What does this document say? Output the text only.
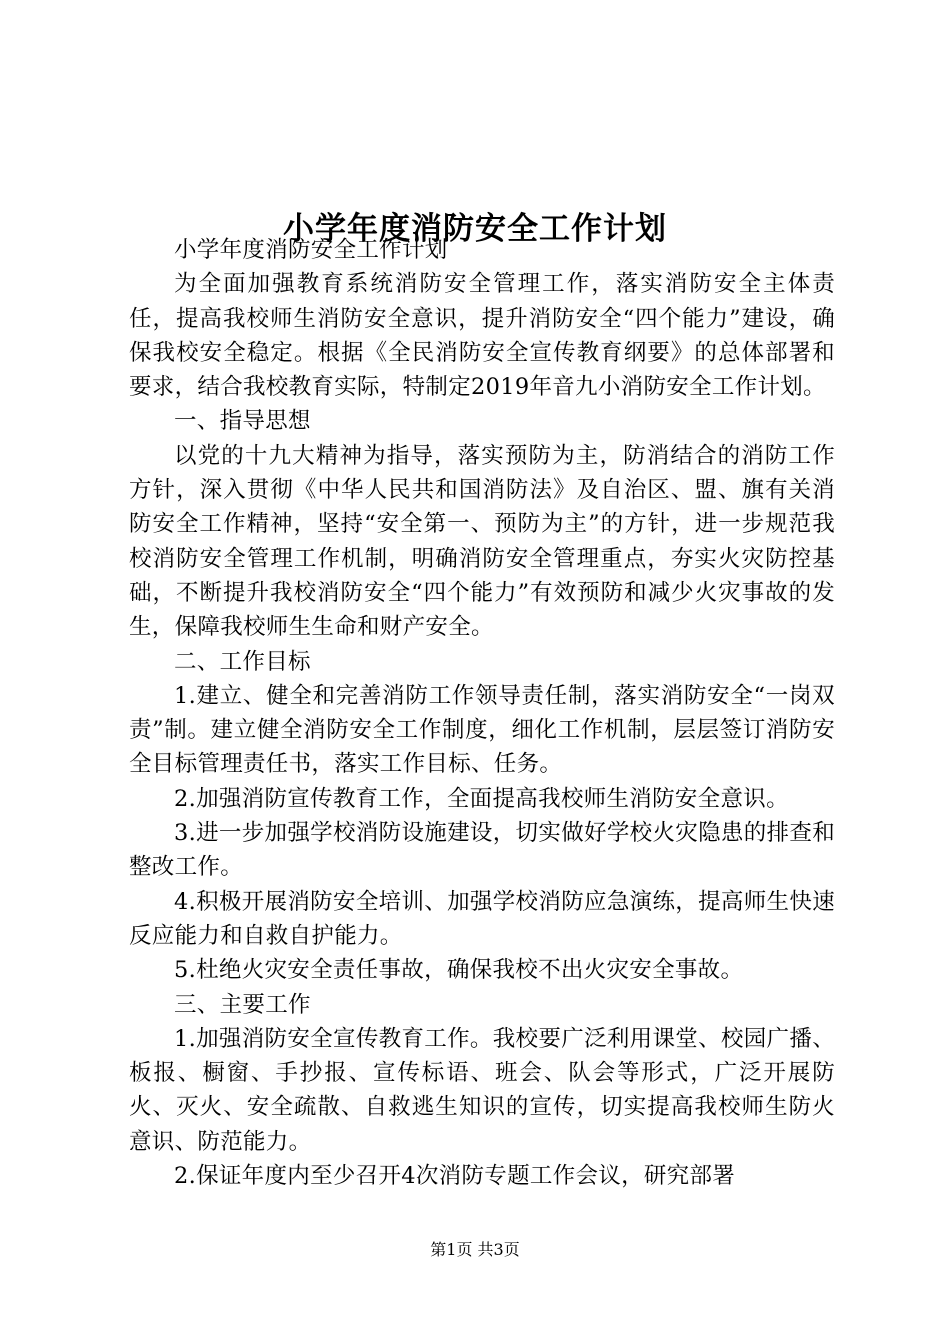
小学年度消防安全工作计划

小学年度消防安全工作计划

为全面加强教育系统消防安全管理工作，落实消防安全主体责任，提高我校师生消防安全意识，提升消防安全“四个能力”建设，确保我校安全稳定。根据《全民消防安全宣传教育纲要》的总体部署和要求，结合我校教育实际，特制定2019年音九小消防安全工作计划。

一、指导思想

以党的十九大精神为指导，落实预防为主，防消结合的消防工作方针，深入贯彻《中华人民共和国消防法》及自治区、盟、旗有关消防安全工作精神，坚持“安全第一、预防为主”的方针，进一步规范我校消防安全管理工作机制，明确消防安全管理重点，夯实火灾防控基础，不断提升我校消防安全“四个能力”有效预防和减少火灾事故的发生，保障我校师生生命和财产安全。

二、工作目标

1.建立、健全和完善消防工作领导责任制，落实消防安全“一岗双责”制。建立健全消防安全工作制度，细化工作机制，层层签订消防安全目标管理责任书，落实工作目标、任务。

2.加强消防宣传教育工作，全面提高我校师生消防安全意识。

3.进一步加强学校消防设施建设，切实做好学校火灾隐患的排查和整改工作。

4.积极开展消防安全培训、加强学校消防应急演练，提高师生快速反应能力和自救自护能力。

5.杜绝火灾安全责任事故，确保我校不出火灾安全事故。

三、主要工作

1.加强消防安全宣传教育工作。我校要广泛利用课堂、校园广播、板报、橱窗、手抄报、宣传标语、班会、队会等形式，广泛开展防火、灭火、安全疏散、自救逃生知识的宣传，切实提高我校师生防火意识、防范能力。

2.保证年度内至少召开4次消防专题工作会议，研究部署

第1页 共3页
